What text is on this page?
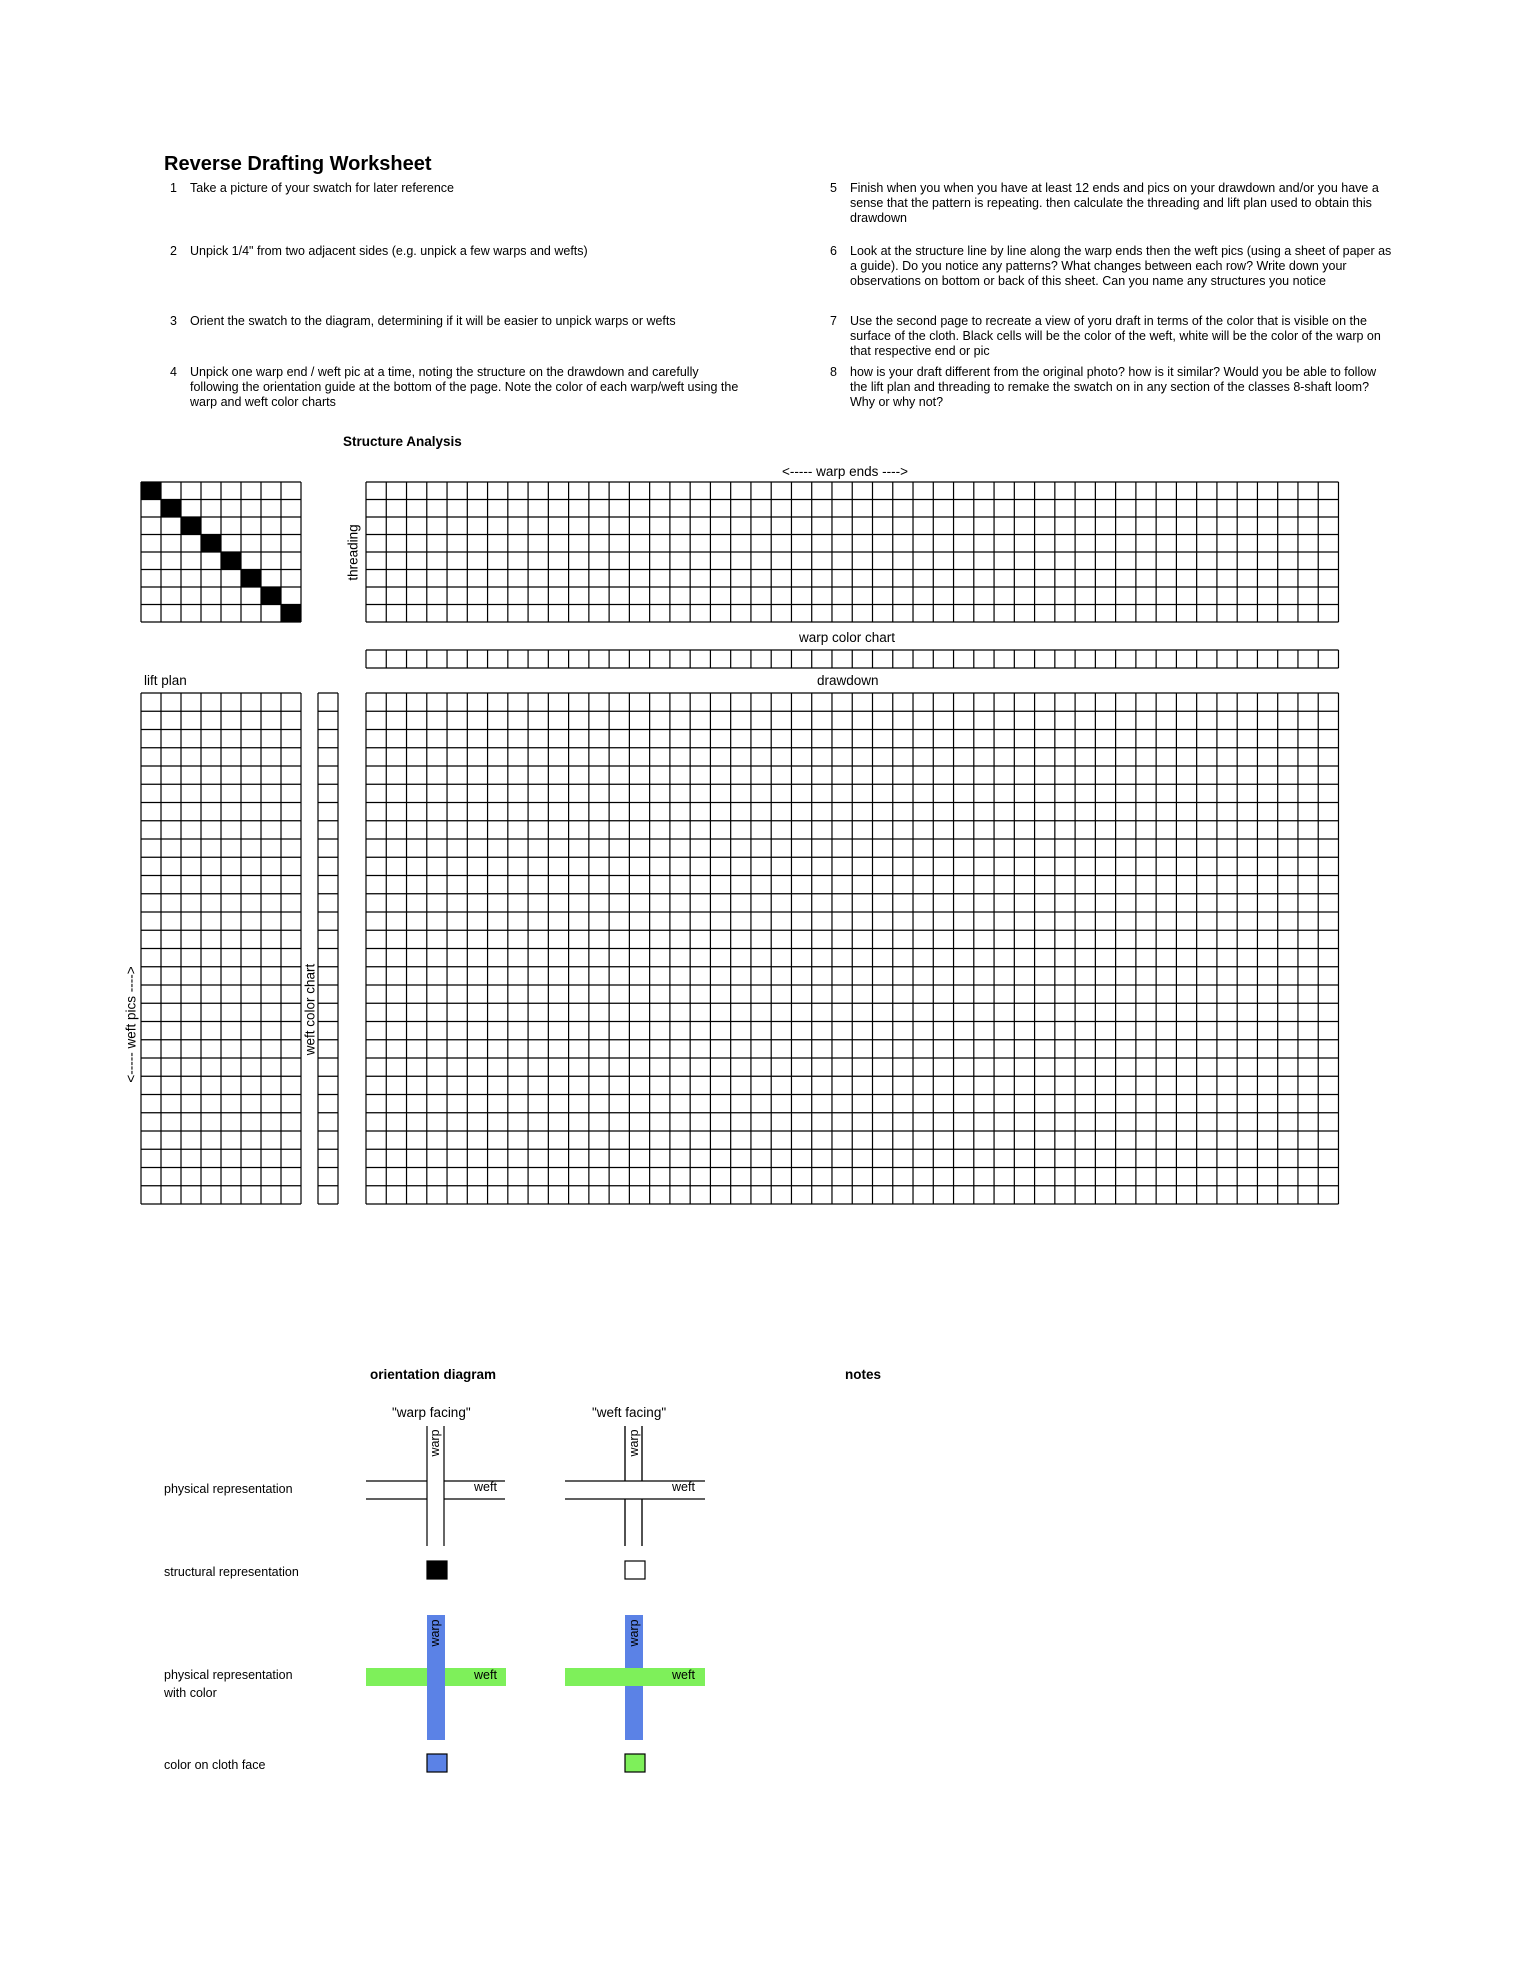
Reverse Drafting Worksheet
1	Take a picture of your swatch for later reference
2	Unpick 1/4" from two adjacent sides (e.g. unpick a few warps and wefts)
3	Orient the swatch to the diagram, determining if it will be easier to unpick warps or wefts
4	Unpick one warp end / weft pic at a time, noting the structure on the drawdown and carefully following the orientation guide at the bottom of the page. Note the color of each warp/weft using the warp and weft color charts
5	Finish when you when you have at least 12 ends and pics on your drawdown and/or you have a sense that the pattern is repeating. then calculate the threading and lift plan used to obtain this drawdown
6	Look at the structure line by line along the warp ends then the weft pics (using a sheet of paper as a guide). Do you notice any patterns? What changes between each row? Write down your observations on bottom or back of this sheet. Can you name any structures you notice
7	Use the second page to recreate a view of yoru draft in terms of the color that is visible on the surface of the cloth. Black cells will be the color of the weft, white will be the color of the warp on that respective end or pic
8	how is your draft different from the original photo? how is it similar? Would you be able to follow the lift plan and threading to remake the swatch on in any section of the classes 8-shaft loom? Why or why not?
Structure Analysis
<----- warp ends ---->
threading
warp color chart
lift plan	drawdown
<----- weft pics ---->	weft color chart
orientation diagram	notes
"warp facing"	"weft facing"
physical representation
structural representation
physical representation
with color
color on cloth face
warp
weft
warp
weft
warp
weft
warp
weft
